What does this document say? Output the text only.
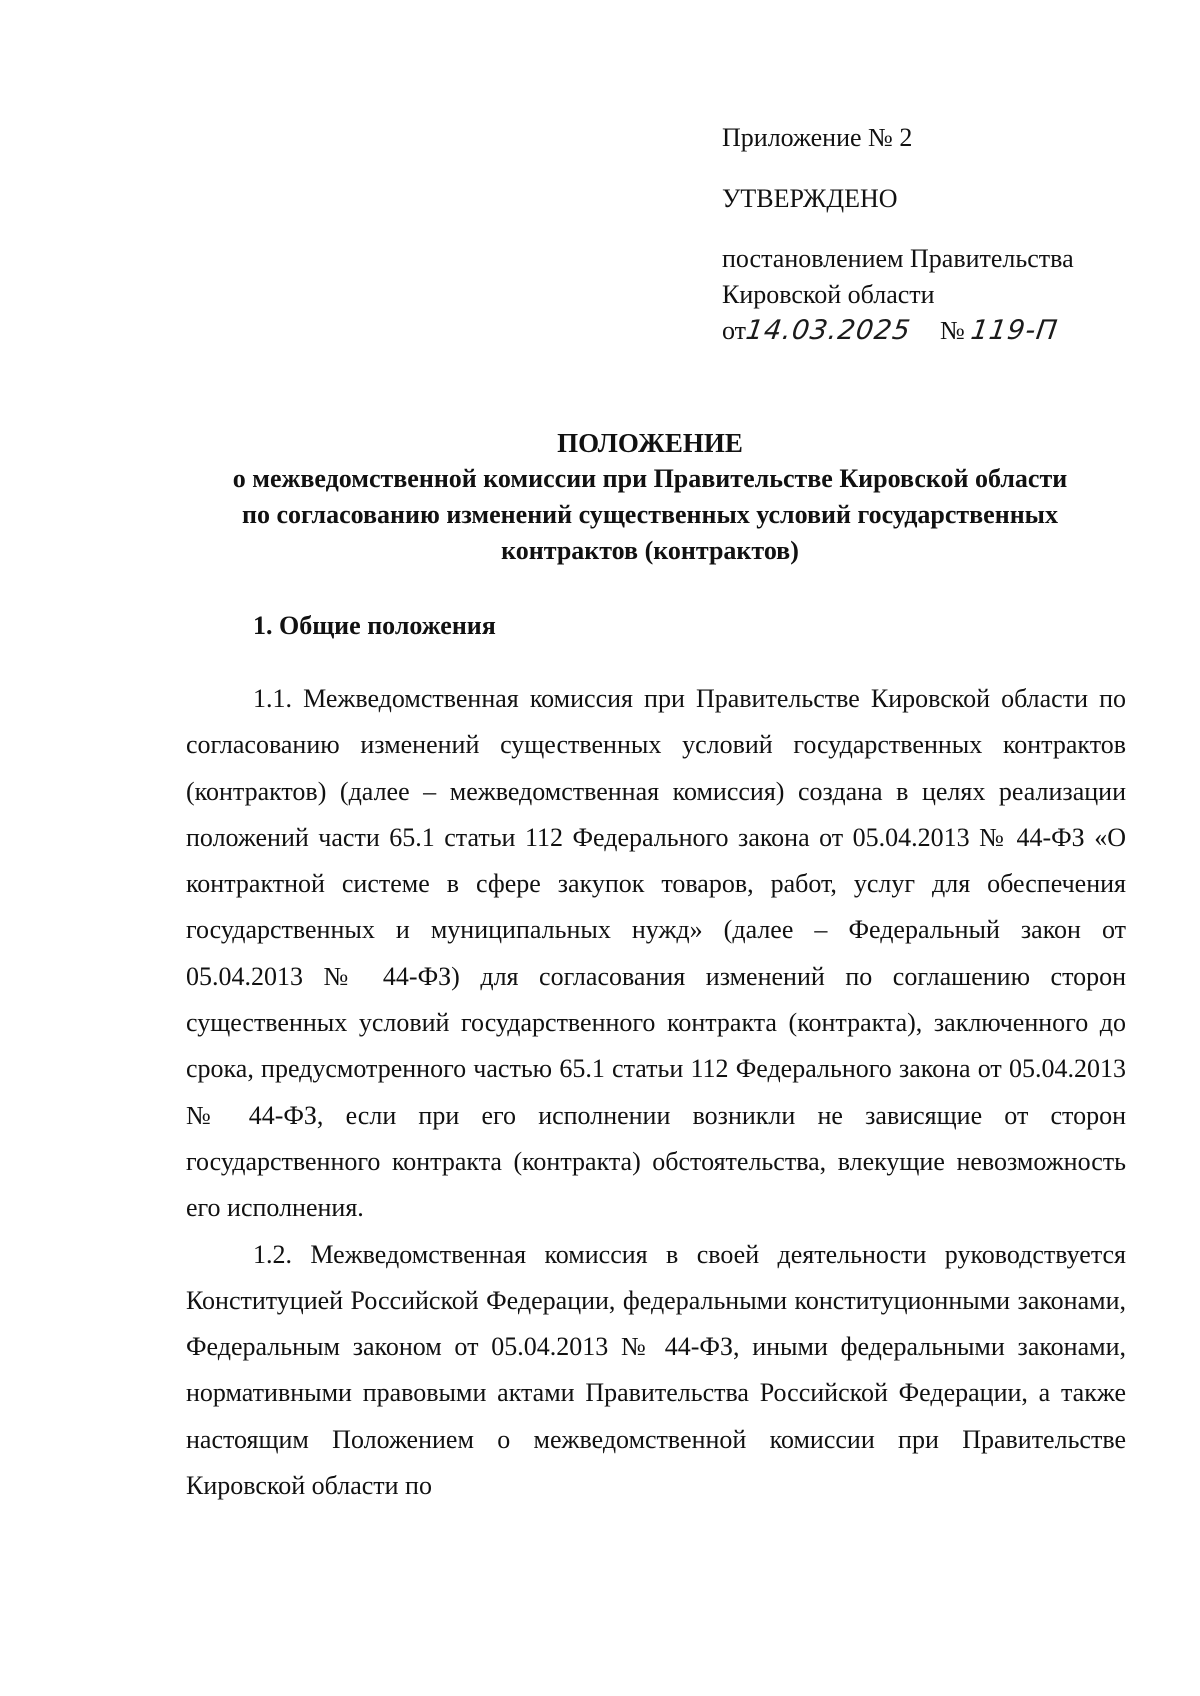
Приложение № 2
УТВЕРЖДЕНО
постановлением Правительства
Кировской области
от14.03.2025 № 119-П
ПОЛОЖЕНИЕ
о межведомственной комиссии при Правительстве Кировской области
по согласованию изменений существенных условий государственных
контрактов (контрактов)
1. Общие положения

1.1. Межведомственная комиссия при Правительстве Кировской области по согласованию изменений существенных условий государственных контрактов (контрактов) (далее – межведомственная комиссия) создана в целях реализации положений части 65.1 статьи 112 Федерального закона от 05.04.2013 № 44-ФЗ «О контрактной системе в сфере закупок товаров, работ, услуг для обеспечения государственных и муниципальных нужд» (далее – Федеральный закон от 05.04.2013 № 44-ФЗ) для согласования изменений по соглашению сторон существенных условий государственного контракта (контракта), заключенного до срока, предусмотренного частью 65.1 статьи 112 Федерального закона от 05.04.2013 № 44-ФЗ, если при его исполнении возникли не зависящие от сторон государственного контракта (контракта) обстоятельства, влекущие невозможность его исполнения.

1.2. Межведомственная комиссия в своей деятельности руководствуется Конституцией Российской Федерации, федеральными конституционными законами, Федеральным законом от 05.04.2013 № 44-ФЗ, иными федеральными законами, нормативными правовыми актами Правительства Российской Федерации, а также настоящим Положением о межведомственной комиссии при Правительстве Кировской области по
